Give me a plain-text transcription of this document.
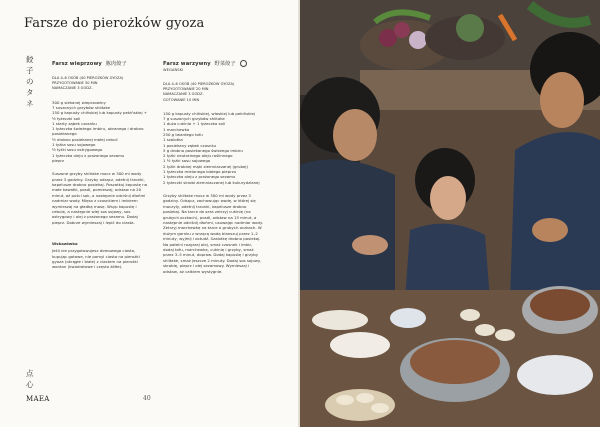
Farsze do pierożków gyoza
餃子のタネ
Farsz wieprzowy 豚肉餃子
DLA 4–6 OSÓB (40 PIEROŻKÓW GYOZA)
PRZYGOTOWANIE 30 MIN
NAMACZANIE 3 GODZ.
300 g siekanej wieprzowiny
7 suszonych grzybów shiitake
150 g kapusty chińskiej lub kapusty pekińskiej + ½ łyżeczki soli
1 starty ząbek czosnku
1 łyżeczka świeżego imbiru, obranego i drobno posiekanego
½ drobno posiekanej małej cebuli
1 łyżka sosu sojowego
½ łyżki sosu ostrygowego
1 łyżeczka oleju z prażonego sezamu
pieprz
Suszone grzyby shiitake mocz w 300 ml wody przez 3 godziny. Grzyby odsącz, odetnij trzonki, kapelusze drobno posiekaj. Poszatkuj kapustę na małe kawałki, posól, pomieszaj, odstaw na 20 minut, aż puści sok, a następnie odciśnij dłońmi nadmiar wody. Mięso z czosnkiem i imbirem wymieszaj na gładką masę. Wsyp kapustę i cebulę, a następnie wlej sos sojowy, sos ostrygowy i olej z prażonego sezamu. Dodaj pieprz. Dobrze wymieszaj i lepić do ciasta.
Wskazówka
Jeśli nie przygotowujesz domowego ciasta, kupując gotowe, nie pomyl ciasta na pierożki gyoza (okrągłe i białe) z ciastem na pierożki wonton (kwadratowe i często żółte).
Farsz warzywny 野菜餃子  WEGAŃSKI
DLA 4–6 OSÓB (40 PIEROŻKÓW GYOZA)
PRZYGOTOWANIE 20 MIN
NAMACZANIE 3 GODZ.
GOTOWANIE 10 MIN
150 g kapusty chińskiej, włoskiej lub pekińskiej
7 g suszonych grzybów shiitake
1 duża cukinia + 1 łyżeczka soli
1 marchewka
250 g twardego tofu
1 szalotka
1 posiekany ząbek czosnku
5 g drobno posiekanego świeżego imbiru
2 łyżki neutralnego oleju roślinnego
1 ½ łyżki sosu sojowego
2 łyżki drobnej mąki ziemniaczanej (grubej)
1 łyżeczka mielonego białego pieprzu
1 łyżeczka oleju z prażonego sezamu
2 łyżeczki skrobi ziemniaczanej lub kukurydzianej
Grzyby shiitake mocz w 300 ml wody przez 3 godziny. Odsącz, zachowując wodę, w której się moczyły, odetnij trzonki, kapelusze drobno posiekaj. Na tarce do sera zetrzyj cukinię (na grubych oczkach), posól, odstaw na 15 minut, a następnie odciśnij dłońmi, usuwając nadmiar wody. Zetrzyj marchewkę na tarce o grubych oczkach. W dużym garnku z wrzącą wodą blanszuj przez 1–2 minuty, wyjmij i ostudź. Szalotkę drobno posiekaj. Na patelni rozgrzej olej, smaż czosnek i imbir, dodaj tofu, marchewkę, cukinię i grzyby, smaż przez 3–5 minut, dopraw. Dodaj kapustę i grzyby shiitake, smaż jeszcze 2 minuty. Dodaj sos sojowy, skrobię, pieprz i olej sezamowy. Wymieszaj i odstaw, aż całkiem wystygnie.
点心
MAEA	40
